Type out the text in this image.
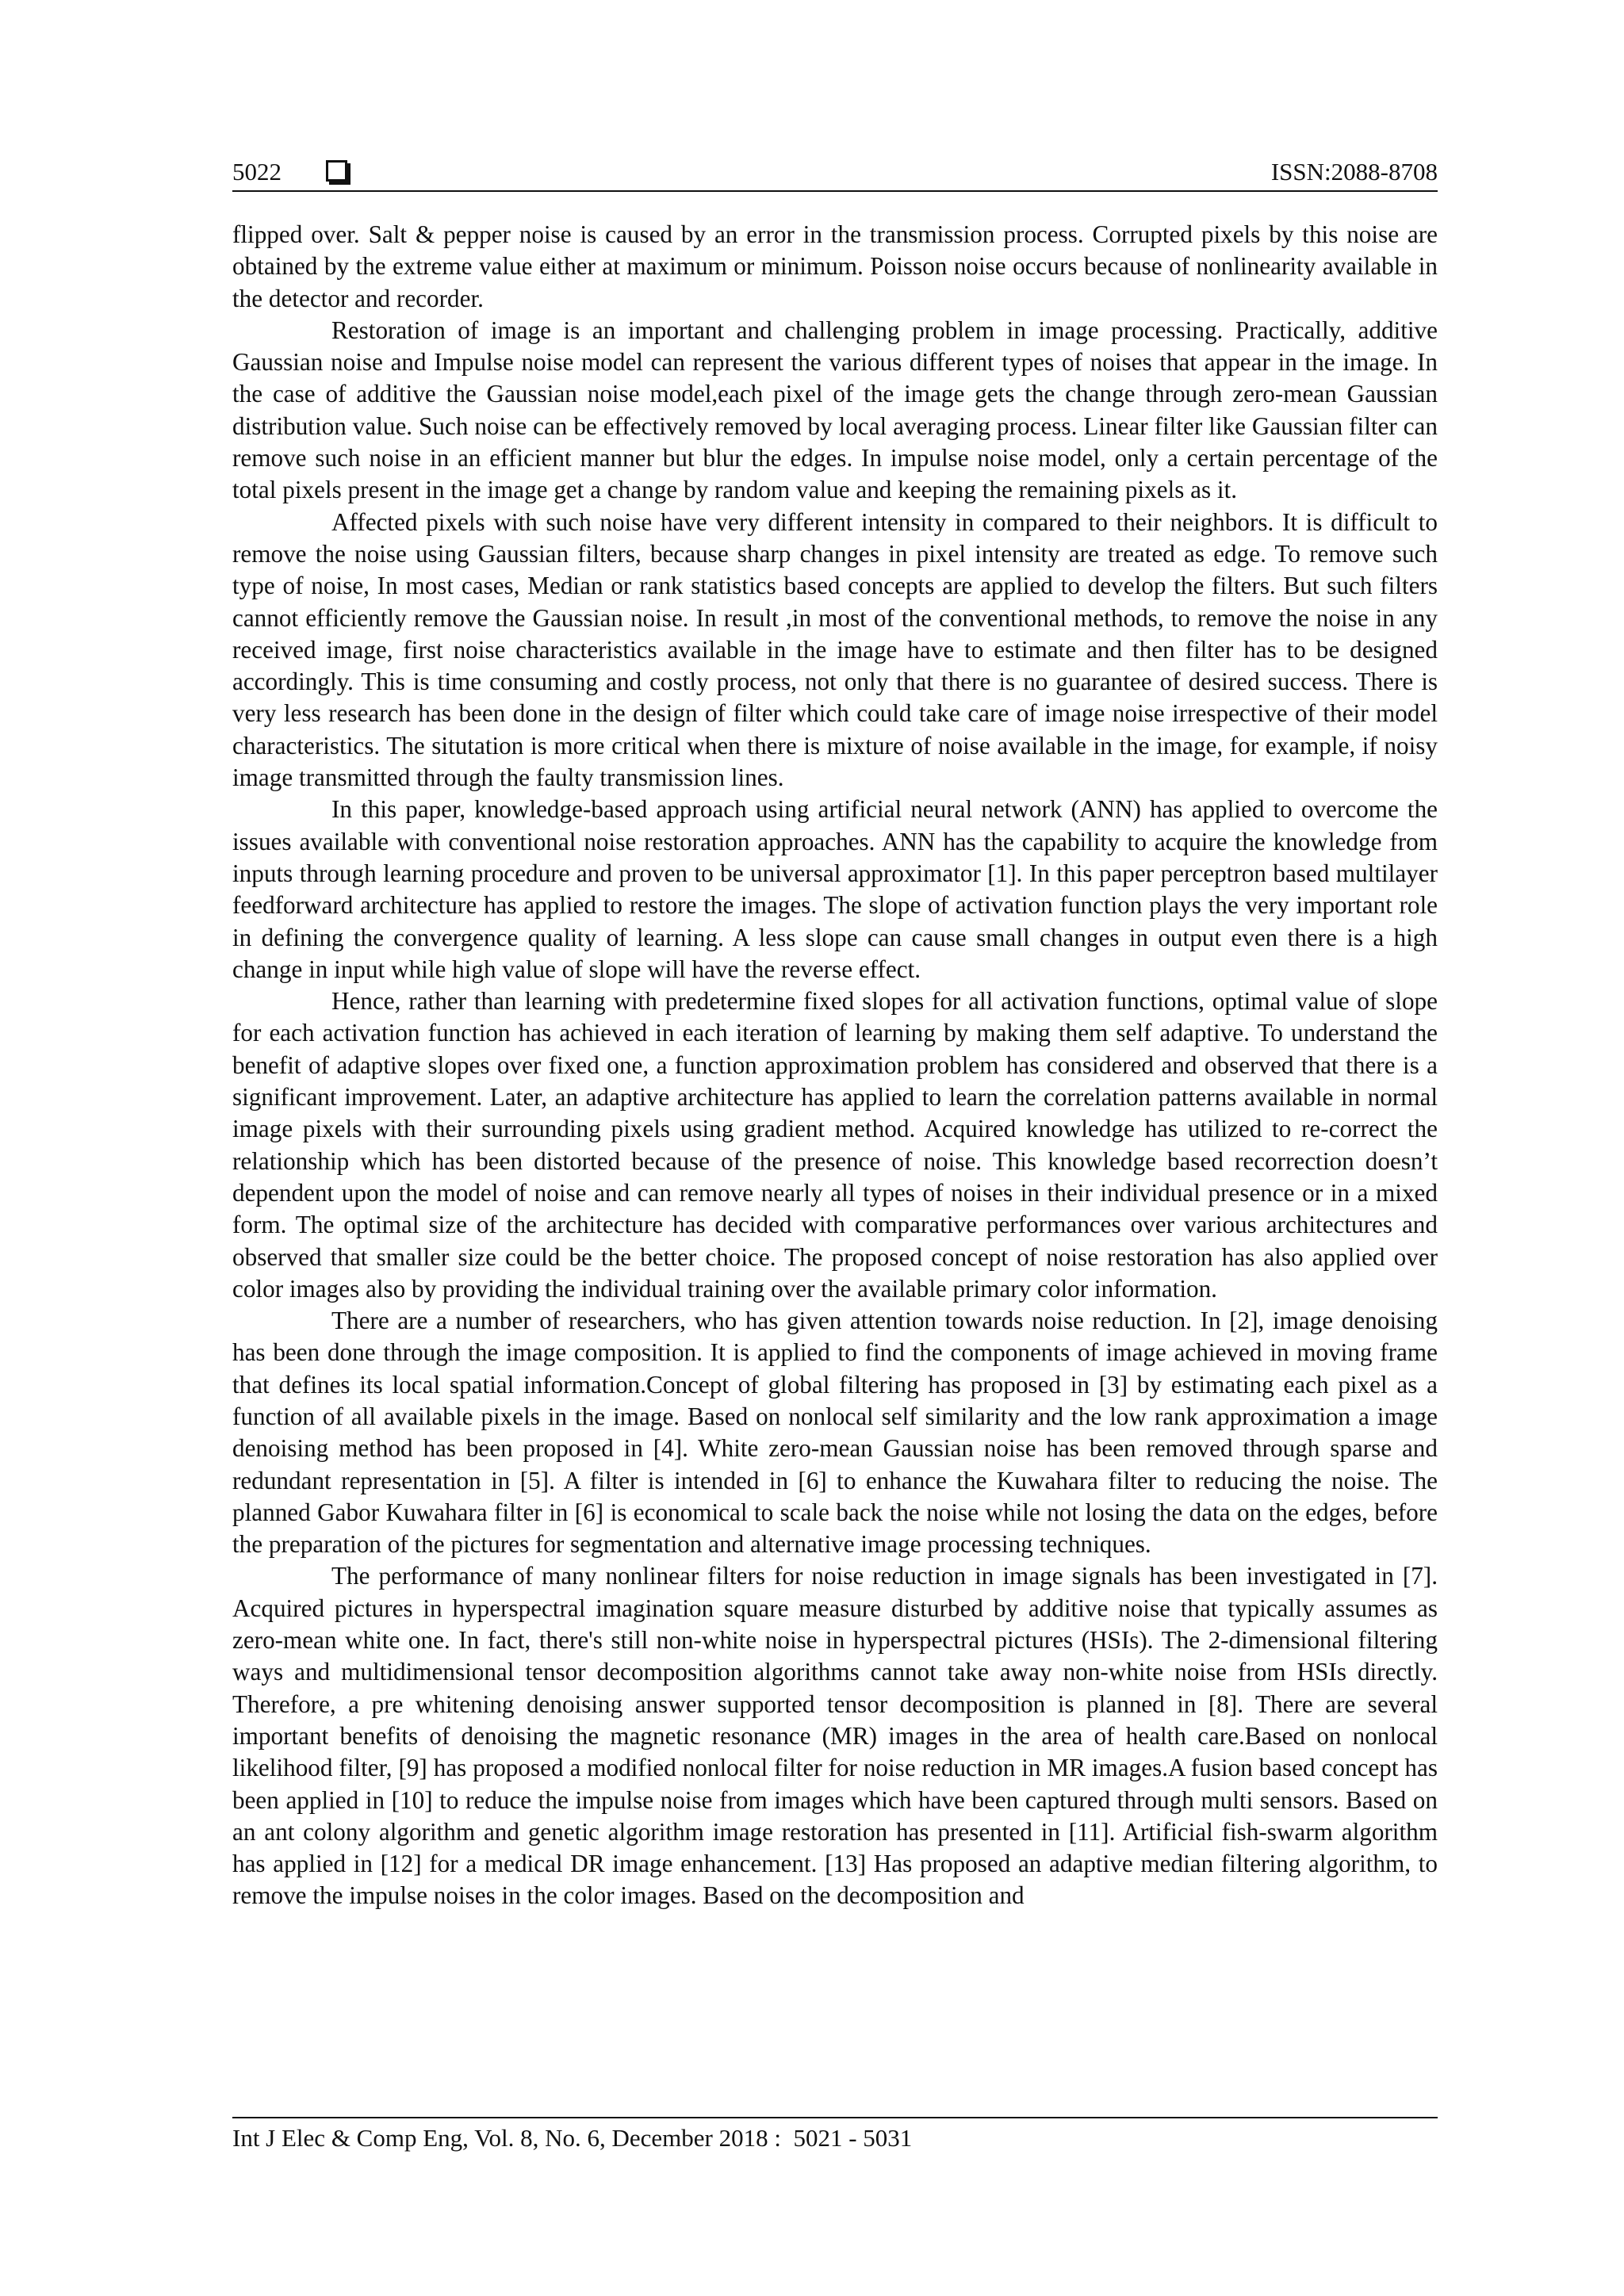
5022	ISSN:2088-8708

flipped over. Salt & pepper noise is caused by an error in the transmission process. Corrupted pixels by this noise are obtained by the extreme value either at maximum or minimum. Poisson noise occurs because of nonlinearity available in the detector and recorder.

Restoration of image is an important and challenging problem in image processing. Practically, additive Gaussian noise and Impulse noise model can represent the various different types of noises that appear in the image. In the case of additive the Gaussian noise model,each pixel of the image gets the change through zero-mean Gaussian distribution value. Such noise can be effectively removed by local averaging process. Linear filter like Gaussian filter can remove such noise in an efficient manner but blur the edges. In impulse noise model, only a certain percentage of the total pixels present in the image get a change by random value and keeping the remaining pixels as it.

Affected pixels with such noise have very different intensity in compared to their neighbors. It is difficult to remove the noise using Gaussian filters, because sharp changes in pixel intensity are treated as edge. To remove such type of noise, In most cases, Median or rank statistics based concepts are applied to develop the filters. But such filters cannot efficiently remove the Gaussian noise. In result ,in most of the conventional methods, to remove the noise in any received image, first noise characteristics available in the image have to estimate and then filter has to be designed accordingly. This is time consuming and costly process, not only that there is no guarantee of desired success. There is very less research has been done in the design of filter which could take care of image noise irrespective of their model characteristics. The situtation is more critical when there is mixture of noise available in the image, for example, if noisy image transmitted through the faulty transmission lines.

In this paper, knowledge-based approach using artificial neural network (ANN) has applied to overcome the issues available with conventional noise restoration approaches. ANN has the capability to acquire the knowledge from inputs through learning procedure and proven to be universal approximator [1]. In this paper perceptron based multilayer feedforward architecture has applied to restore the images. The slope of activation function plays the very important role in defining the convergence quality of learning. A less slope can cause small changes in output even there is a high change in input while high value of slope will have the reverse effect.

Hence, rather than learning with predetermine fixed slopes for all activation functions, optimal value of slope for each activation function has achieved in each iteration of learning by making them self adaptive. To understand the benefit of adaptive slopes over fixed one, a function approximation problem has considered and observed that there is a significant improvement. Later, an adaptive architecture has applied to learn the correlation patterns available in normal image pixels with their surrounding pixels using gradient method. Acquired knowledge has utilized to re-correct the relationship which has been distorted because of the presence of noise. This knowledge based recorrection doesn’t dependent upon the model of noise and can remove nearly all types of noises in their individual presence or in a mixed form. The optimal size of the architecture has decided with comparative performances over various architectures and observed that smaller size could be the better choice. The proposed concept of noise restoration has also applied over color images also by providing the individual training over the available primary color information.

There are a number of researchers, who has given attention towards noise reduction. In [2], image denoising has been done through the image composition. It is applied to find the components of image achieved in moving frame that defines its local spatial information.Concept of global filtering has proposed in [3] by estimating each pixel as a function of all available pixels in the image. Based on nonlocal self similarity and the low rank approximation a image denoising method has been proposed in [4]. White zero-mean Gaussian noise has been removed through sparse and redundant representation in [5]. A filter is intended in [6] to enhance the Kuwahara filter to reducing the noise. The planned Gabor Kuwahara filter in [6] is economical to scale back the noise while not losing the data on the edges, before the preparation of the pictures for segmentation and alternative image processing techniques.

The performance of many nonlinear filters for noise reduction in image signals has been investigated in [7]. Acquired pictures in hyperspectral imagination square measure disturbed by additive noise that typically assumes as zero-mean white one. In fact, there's still non-white noise in hyperspectral pictures (HSIs). The 2-dimensional filtering ways and multidimensional tensor decomposition algorithms cannot take away non-white noise from HSIs directly. Therefore, a pre whitening denoising answer supported tensor decomposition is planned in [8]. There are several important benefits of denoising the magnetic resonance (MR) images in the area of health care.Based on nonlocal likelihood filter, [9] has proposed a modified nonlocal filter for noise reduction in MR images.A fusion based concept has been applied in [10] to reduce the impulse noise from images which have been captured through multi sensors. Based on an ant colony algorithm and genetic algorithm image restoration has presented in [11]. Artificial fish-swarm algorithm has applied in [12] for a medical DR image enhancement. [13] Has proposed an adaptive median filtering algorithm, to remove the impulse noises in the color images. Based on the decomposition and

Int J Elec & Comp Eng, Vol. 8, No. 6, December 2018 :  5021 - 5031
